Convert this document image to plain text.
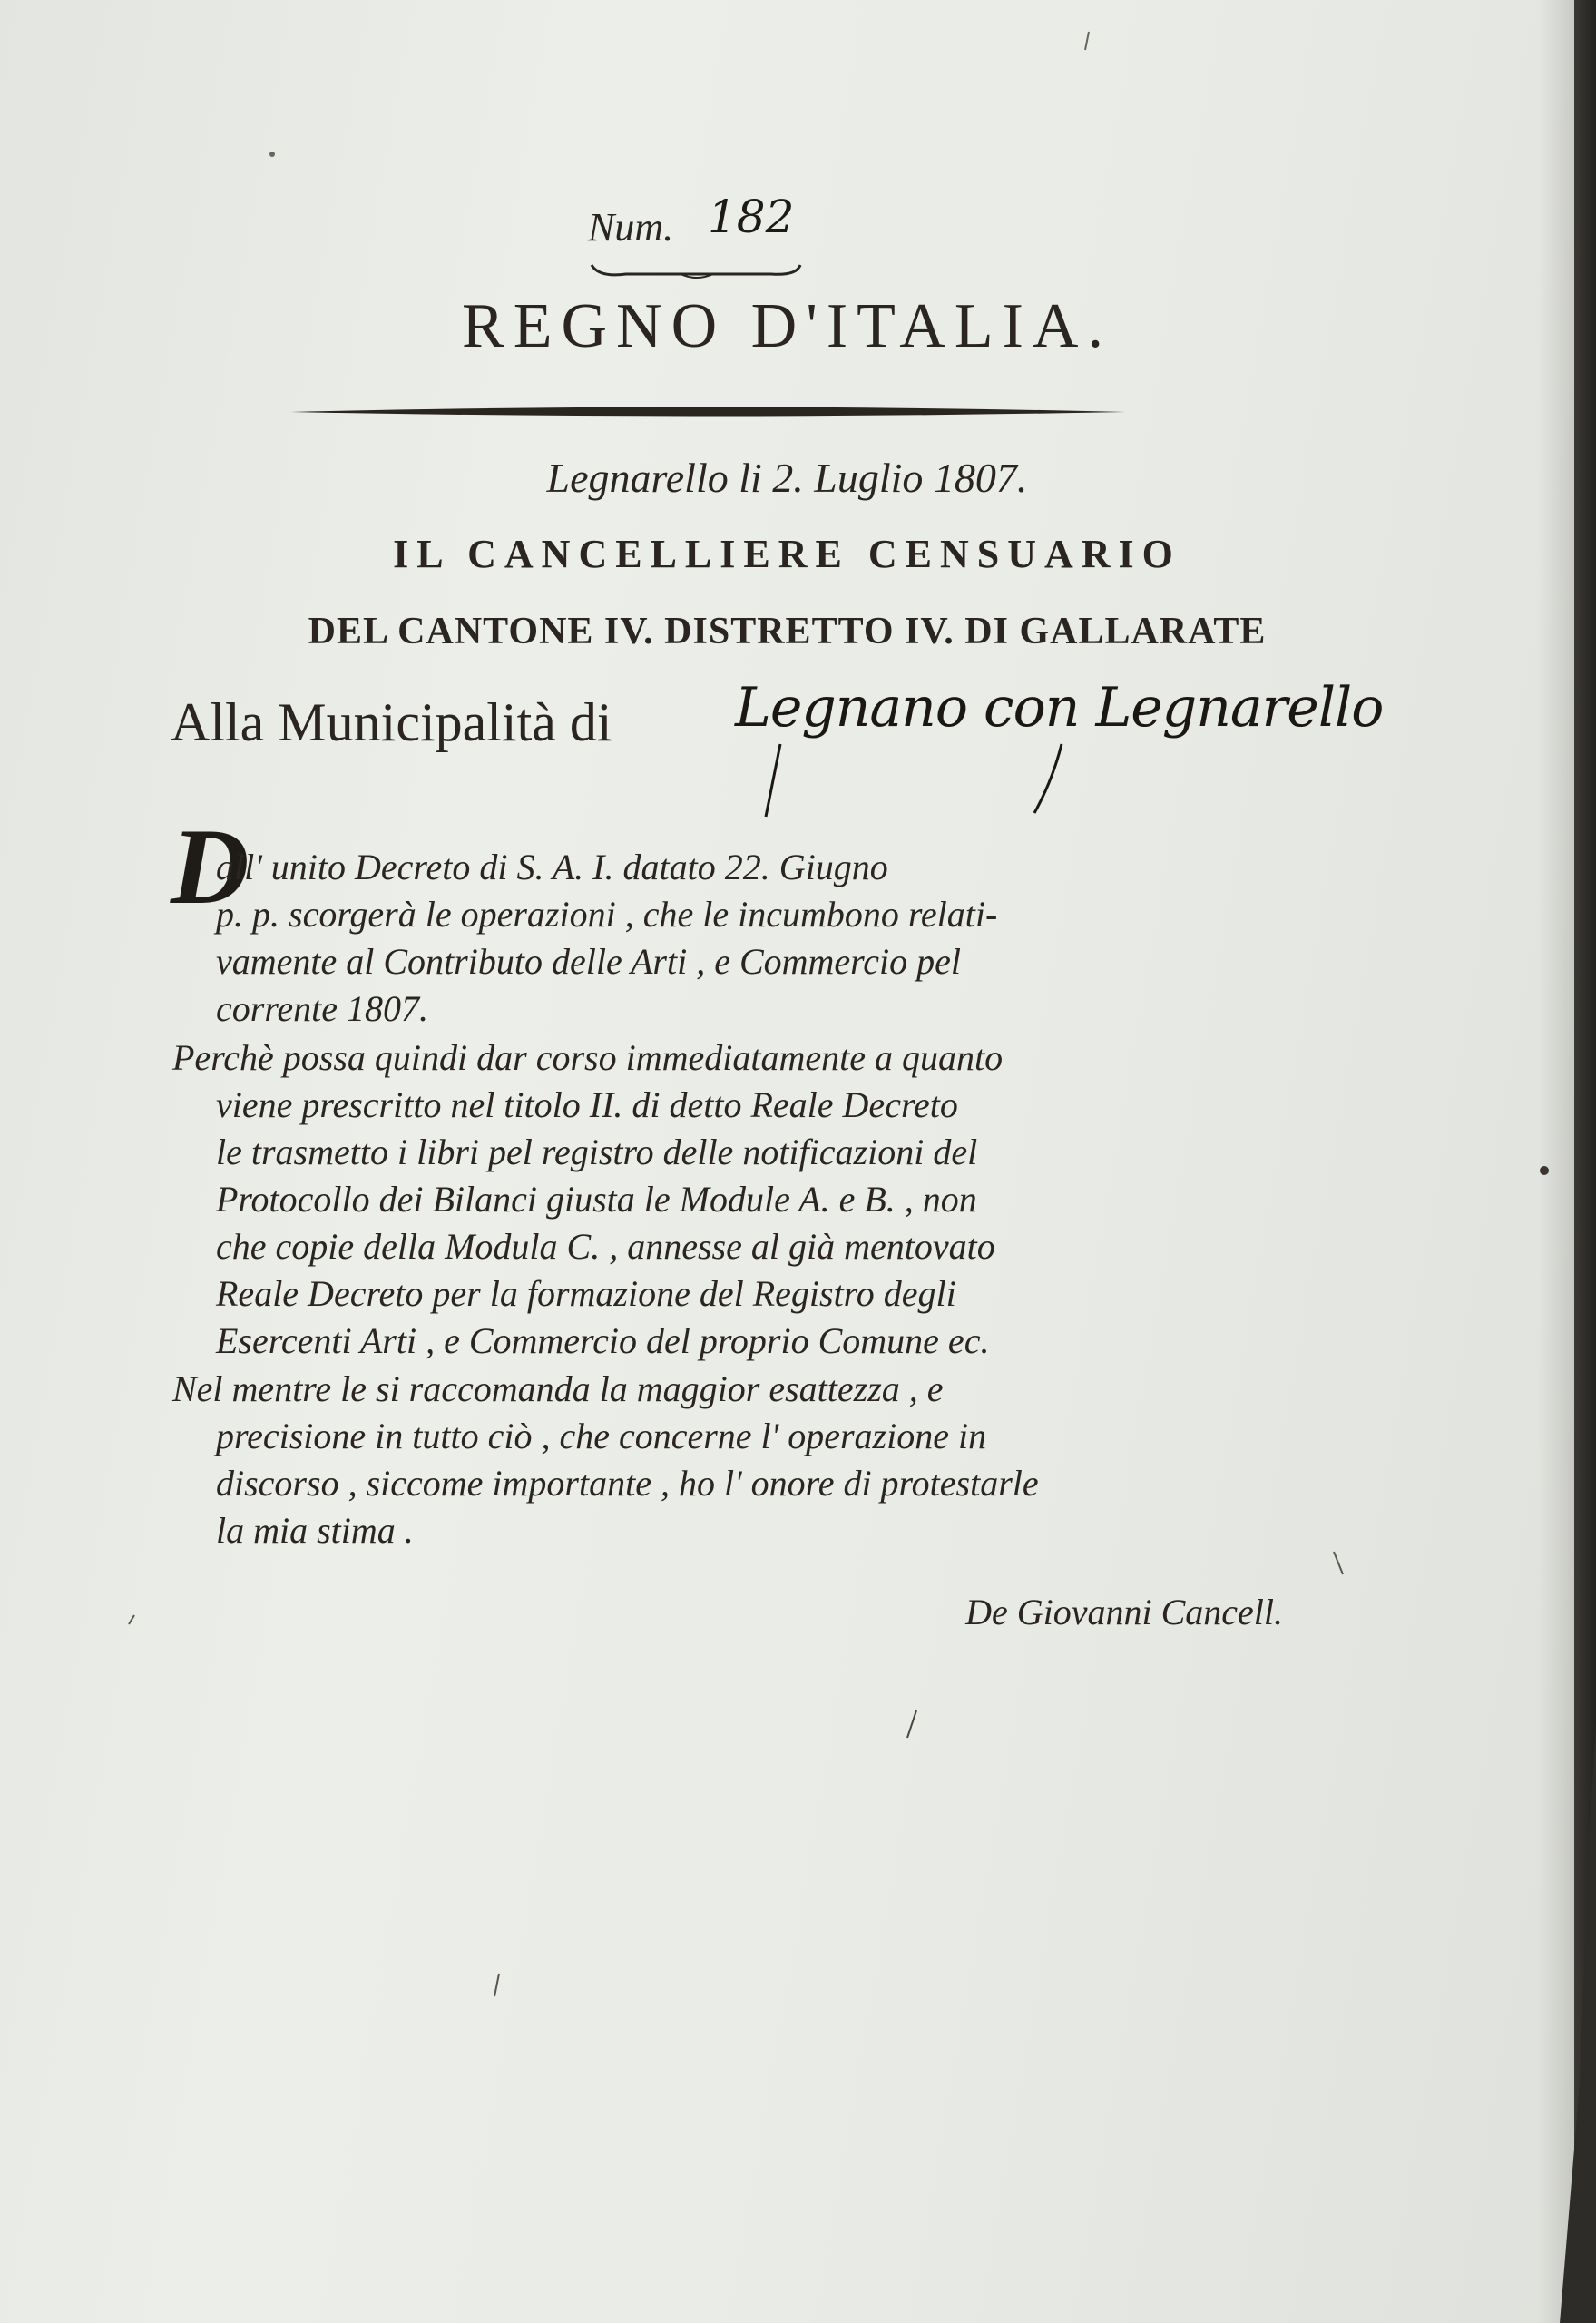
Num. 182

REGNO D'ITALIA.

Legnarello li 2. Luglio 1807.

IL CANCELLIERE CENSUARIO

DEL CANTONE IV. DISTRETTO IV. DI GALLARATE

Alla Municipalità di Legnano con Legnarello

D
all' unito Decreto di S. A. I. datato 22. Giugno
p. p. scorgerà le operazioni , che le incumbono relati-
vamente al Contributo delle Arti , e Commercio pel
corrente 1807.
Perchè possa quindi dar corso immediatamente a quanto
viene prescritto nel titolo II. di detto Reale Decreto
le trasmetto i libri pel registro delle notificazioni del
Protocollo dei Bilanci giusta le Module A. e B. , non
che copie della Modula C. , annesse al già mentovato
Reale Decreto per la formazione del Registro degli
Esercenti Arti , e Commercio del proprio Comune ec.
Nel mentre le si raccomanda la maggior esattezza , e
precisione in tutto ciò , che concerne l' operazione in
discorso , siccome importante , ho l' onore di protestarle
la mia stima .

De Giovanni Cancell.
